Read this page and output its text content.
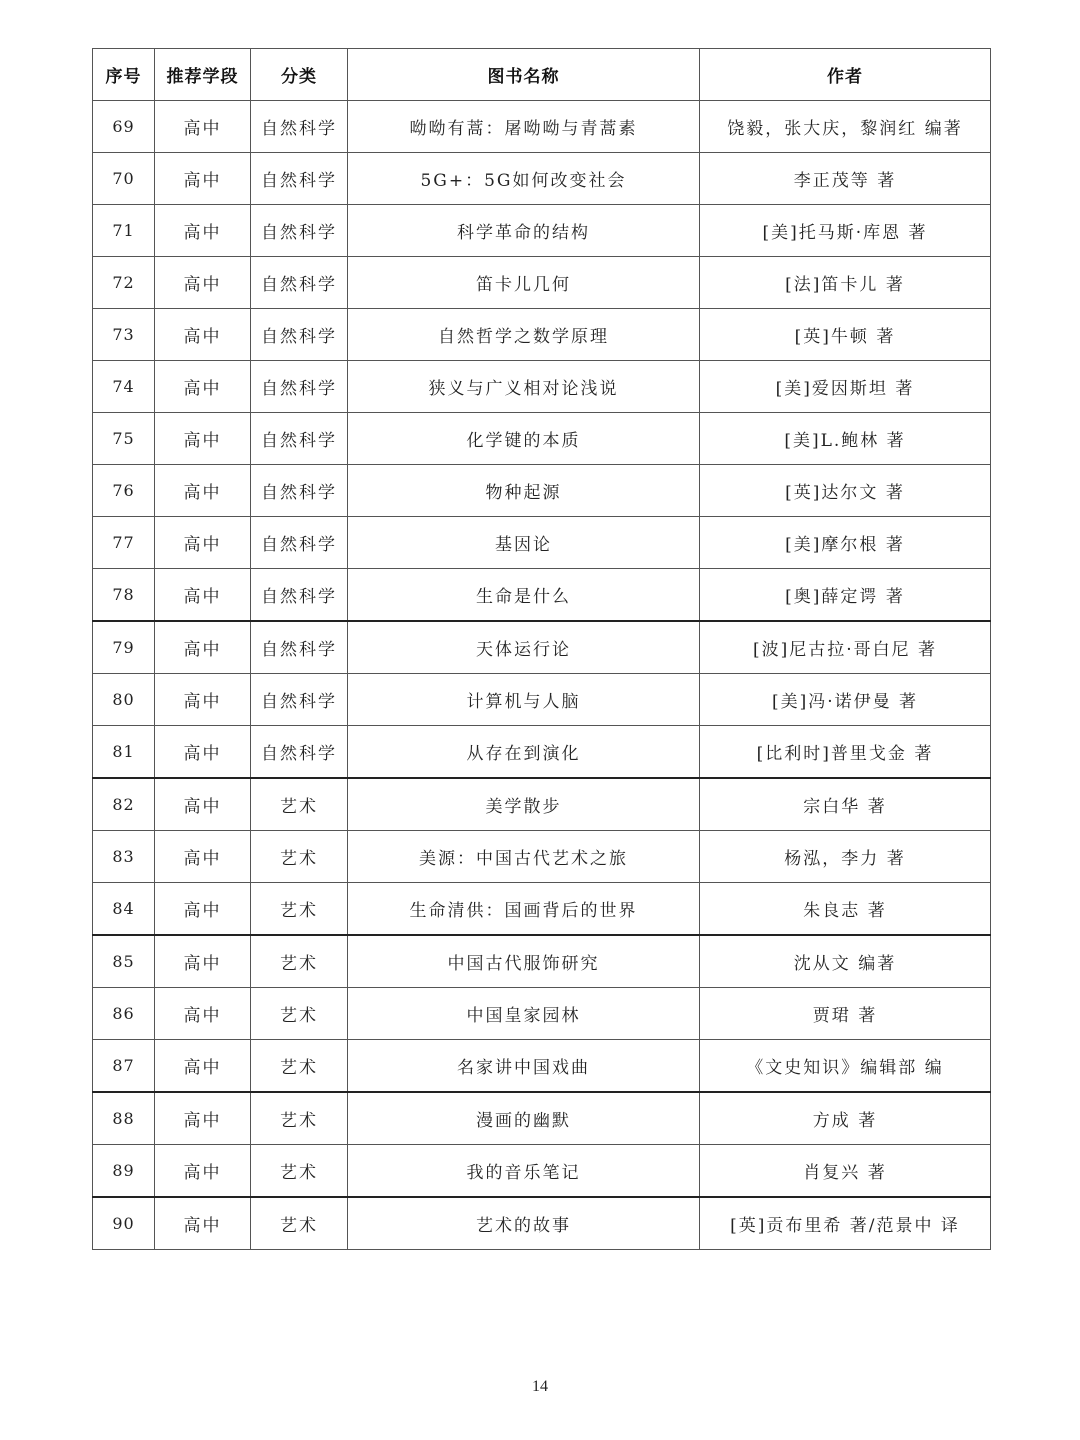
序号	推荐学段	分类	图书名称	作者
69	高中	自然科学	呦呦有蒿：屠呦呦与青蒿素	饶毅，张大庆，黎润红 编著
70	高中	自然科学	5G+：5G如何改变社会	李正茂等 著
71	高中	自然科学	科学革命的结构	[美]托马斯·库恩 著
72	高中	自然科学	笛卡儿几何	[法]笛卡儿 著
73	高中	自然科学	自然哲学之数学原理	[英]牛顿 著
74	高中	自然科学	狭义与广义相对论浅说	[美]爱因斯坦 著
75	高中	自然科学	化学键的本质	[美]L.鲍林 著
76	高中	自然科学	物种起源	[英]达尔文 著
77	高中	自然科学	基因论	[美]摩尔根 著
78	高中	自然科学	生命是什么	[奥]薛定谔 著
79	高中	自然科学	天体运行论	[波]尼古拉·哥白尼 著
80	高中	自然科学	计算机与人脑	[美]冯·诺伊曼 著
81	高中	自然科学	从存在到演化	[比利时]普里戈金 著
82	高中	艺术	美学散步	宗白华 著
83	高中	艺术	美源：中国古代艺术之旅	杨泓，李力 著
84	高中	艺术	生命清供：国画背后的世界	朱良志 著
85	高中	艺术	中国古代服饰研究	沈从文 编著
86	高中	艺术	中国皇家园林	贾珺 著
87	高中	艺术	名家讲中国戏曲	《文史知识》编辑部 编
88	高中	艺术	漫画的幽默	方成 著
89	高中	艺术	我的音乐笔记	肖复兴 著
90	高中	艺术	艺术的故事	[英]贡布里希 著/范景中 译
14
